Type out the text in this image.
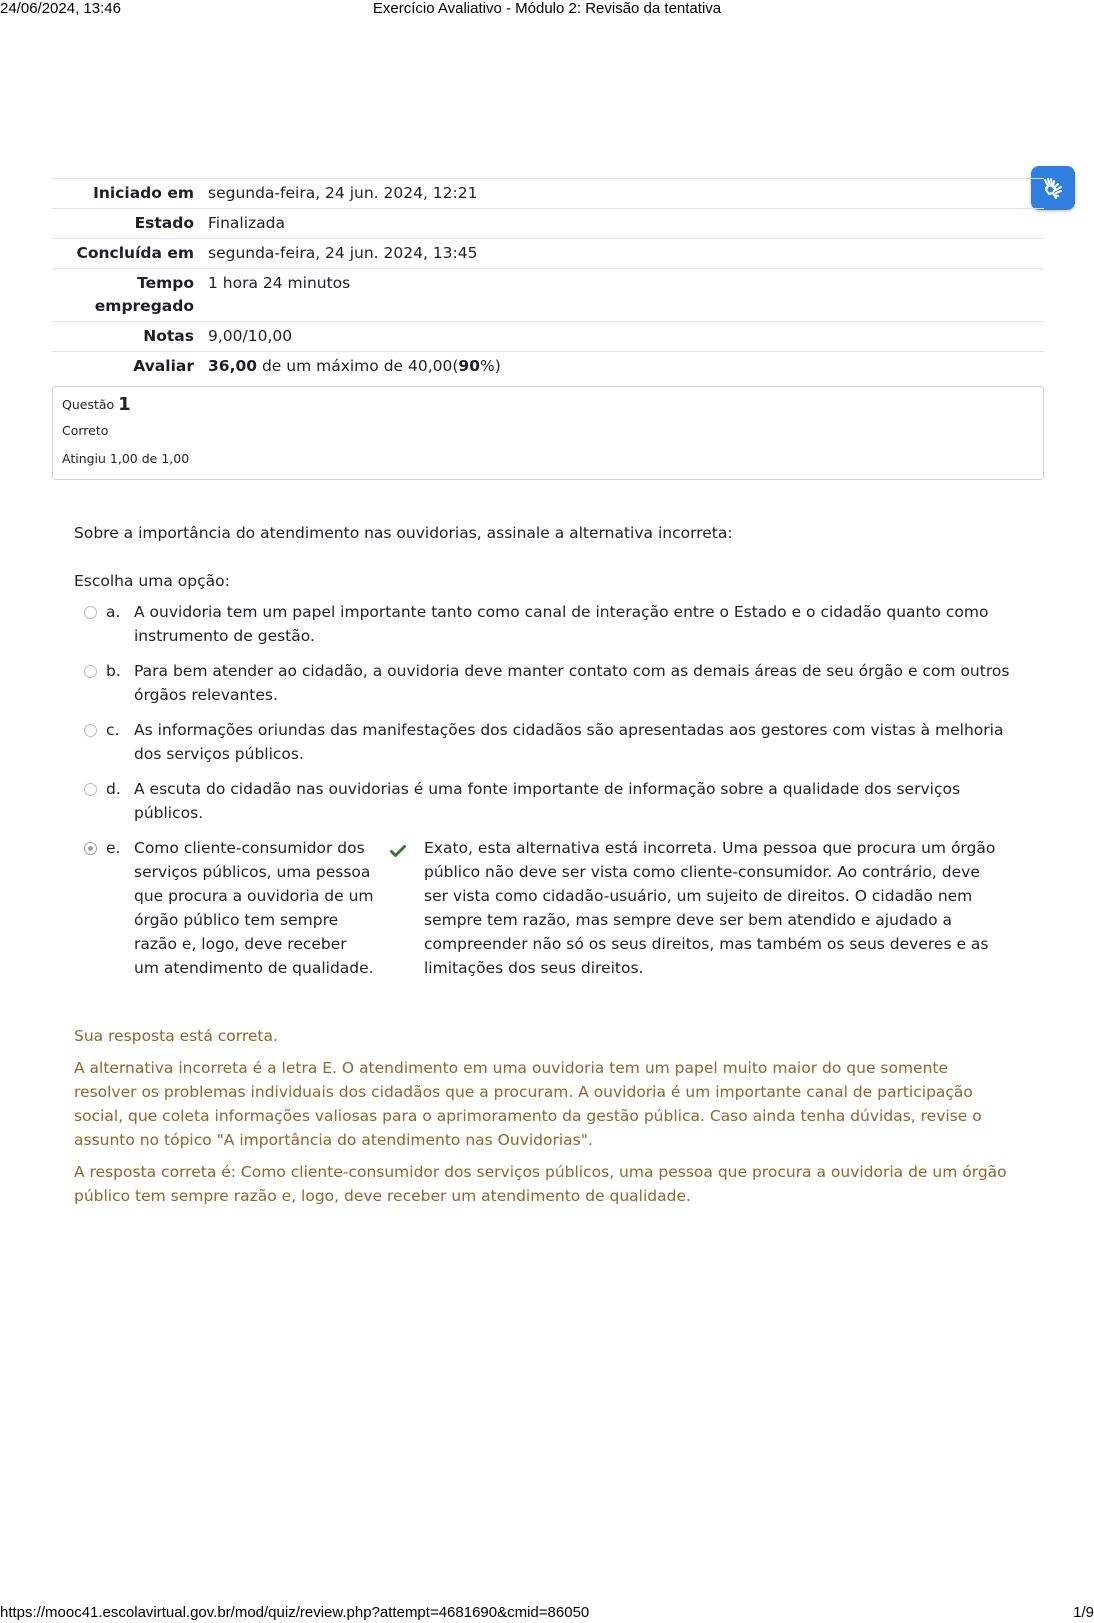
Exercício Avaliativo - Módulo 2: Revisão da tentativa
24/06/2024, 13:46
Iniciado em	segunda-feira, 24 jun. 2024, 12:21
Estado	Finalizada
Concluída em	segunda-feira, 24 jun. 2024, 13:45
Tempo empregado	1 hora 24 minutos
Notas	9,00/10,00
Avaliar	36,00 de um máximo de 40,00(90%)
Questão
1
Correto
Atingiu 1,00 de 1,00
Sobre a importância do atendimento nas ouvidorias, assinale a alternativa incorreta:
Escolha uma opção:
a. A ouvidoria tem um papel importante tanto como canal de interação entre o Estado e o cidadão quanto como instrumento de gestão.
b. Para bem atender ao cidadão, a ouvidoria deve manter contato com as demais áreas de seu órgão e com outros órgãos relevantes.
c. As informações oriundas das manifestações dos cidadãos são apresentadas aos gestores com vistas à melhoria dos serviços públicos.
d. A escuta do cidadão nas ouvidorias é uma fonte importante de informação sobre a qualidade dos serviços públicos.
e. Como cliente-consumidor dos serviços públicos, uma pessoa que procura a ouvidoria de um órgão público tem sempre razão e, logo, deve receber um atendimento de qualidade.
Exato, esta alternativa está incorreta. Uma pessoa que procura um órgão público não deve ser vista como cliente-consumidor. Ao contrário, deve ser vista como cidadão-usuário, um sujeito de direitos. O cidadão nem sempre tem razão, mas sempre deve ser bem atendido e ajudado a compreender não só os seus direitos, mas também os seus deveres e as limitações dos seus direitos.

Sua resposta está correta.

A alternativa incorreta é a letra E. O atendimento em uma ouvidoria tem um papel muito maior do que somente resolver os problemas individuais dos cidadãos que a procuram. A ouvidoria é um importante canal de participação social, que coleta informações valiosas para o aprimoramento da gestão pública. Caso ainda tenha dúvidas, revise o assunto no tópico "A importância do atendimento nas Ouvidorias".

A resposta correta é: Como cliente-consumidor dos serviços públicos, uma pessoa que procura a ouvidoria de um órgão público tem sempre razão e, logo, deve receber um atendimento de qualidade.

https://mooc41.escolavirtual.gov.br/mod/quiz/review.php?attempt=4681690&cmid=86050	1/9
